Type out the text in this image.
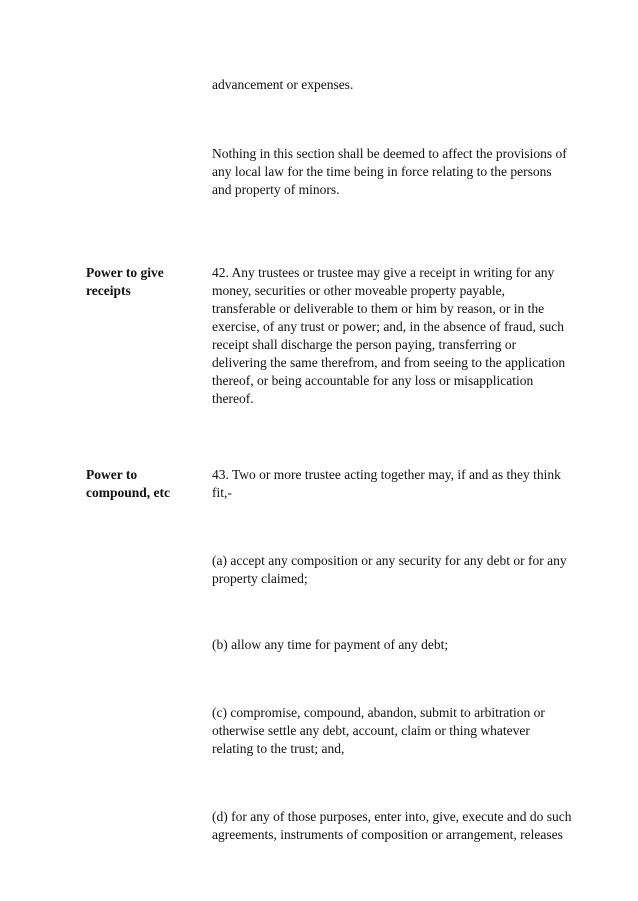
advancement or expenses.
Nothing in this section shall be deemed to affect the provisions of
any local law for the time being in force relating to the persons
and property of minors.
Power to give receipts
42. Any trustees or trustee may give a receipt in writing for any
money, securities or other moveable property payable,
transferable or deliverable to them or him by reason, or in the
exercise, of any trust or power; and, in the absence of fraud, such
receipt shall discharge the person paying, transferring or
delivering the same therefrom, and from seeing to the application
thereof, or being accountable for any loss or misapplication
thereof.
Power to compound, etc
43. Two or more trustee acting together may, if and as they think
fit,-
(a) accept any composition or any security for any debt or for any
property claimed;
(b) allow any time for payment of any debt;
(c) compromise, compound, abandon, submit to arbitration or
otherwise settle any debt, account, claim or thing whatever
relating to the trust; and,
(d) for any of those purposes, enter into, give, execute and do such
agreements, instruments of composition or arrangement, releases
